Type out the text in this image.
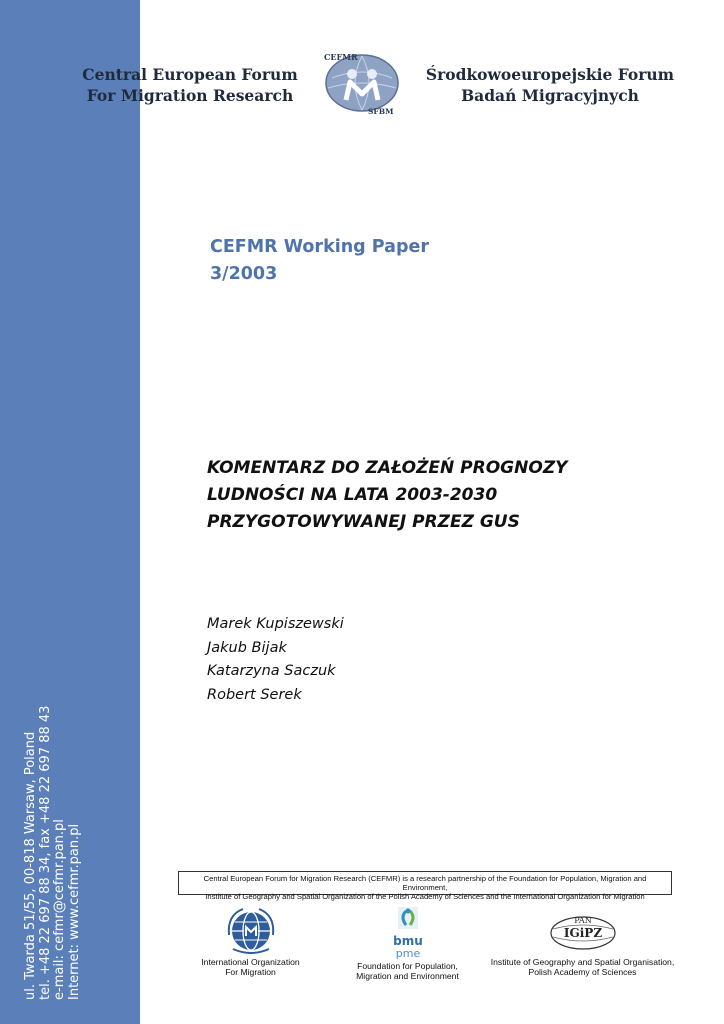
ul. Twarda 51/55, 00-818 Warsaw, Poland tel. +48 22 697 88 34, fax +48 22 697 88 43 e-mail: cefmr@cefmr.pan.pl Internet: www.cefmr.pan.pl
Central European Forum
For Migration Research
CEFMR
SFBM
Środkowoeuropejskie Forum
Badań Migracyjnych
CEFMR Working Paper
3/2003
KOMENTARZ DO ZAŁOŻEŃ PROGNOZY
LUDNOŚCI NA LATA 2003-2030
PRZYGOTOWYWANEJ PRZEZ GUS
Marek Kupiszewski
Jakub Bijak
Katarzyna Saczuk
Robert Serek
Central European Forum for Migration Research (CEFMR) is a research partnership of the Foundation for Population, Migration and Environment,
Institute of Geography and Spatial Organization of the Polish Academy of Sciences and the International Organization for Migration
International Organization
For Migration
bmu
pme
Foundation for Population,
Migration and Environment
PAN
IGiPZ
Institute of Geography and Spatial Organisation,
Polish Academy of Sciences
